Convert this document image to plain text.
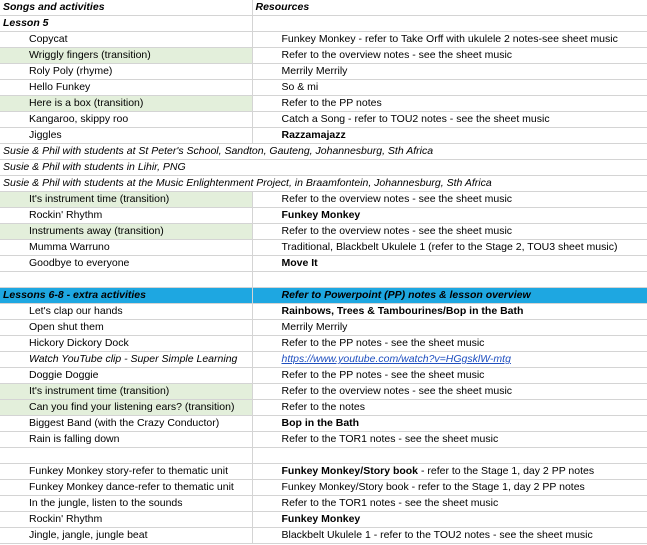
Songs and activities	Resources
Lesson 5	
Copycat	Funkey Monkey - refer to Take Orff with ukulele 2 notes-see sheet music
Wriggly fingers (transition)	Refer to the overview notes - see the sheet music
Roly Poly (rhyme)	Merrily Merrily
Hello Funkey	So & mi
Here is a box (transition)	Refer to the PP notes
Kangaroo, skippy roo	Catch a Song - refer to TOU2 notes - see the sheet music
Jiggles	Razzamajazz
Susie & Phil with students at St Peter's School, Sandton, Gauteng, Johannesburg, Sth Africa	
Susie & Phil with students in Lihir, PNG	
Susie & Phil with students at the Music Enlightenment Project, in Braamfontein, Johannesburg, Sth Africa	
It's instrument time (transition)	Refer to the overview notes - see the sheet music
Rockin' Rhythm	Funkey Monkey
Instruments away (transition)	Refer to the overview notes - see the sheet music
Mumma Warruno	Traditional, Blackbelt Ukulele 1 (refer to the Stage 2, TOU3 sheet music)
Goodbye to everyone	Move It

Lessons 6-8 - extra activities	Refer to Powerpoint (PP) notes & lesson overview
Let's clap our hands	Rainbows, Trees & Tambourines/Bop in the Bath
Open shut them	Merrily Merrily
Hickory Dickory Dock	Refer to the PP notes - see the sheet music
Watch YouTube clip - Super Simple Learning	https://www.youtube.com/watch?v=HGgsklW-mtg
Doggie Doggie	Refer to the PP notes - see the sheet music
It's instrument time (transition)	Refer to the overview notes - see the sheet music
Can you find your listening ears? (transition)	Refer to the notes
Biggest Band (with the Crazy Conductor)	Bop in the Bath
Rain is falling down	Refer to the TOR1 notes - see the sheet music

Funkey Monkey story-refer to thematic unit	Funkey Monkey/Story book - refer to the Stage 1, day 2 PP notes
Funkey Monkey dance-refer to thematic unit	Funkey Monkey/Story book - refer to the Stage 1, day 2 PP notes
In the jungle, listen to the sounds	Refer to the TOR1 notes - see the sheet music
Rockin' Rhythm	Funkey Monkey
Jingle, jangle, jungle beat	Blackbelt Ukulele 1 - refer to the TOU2 notes - see the sheet music
